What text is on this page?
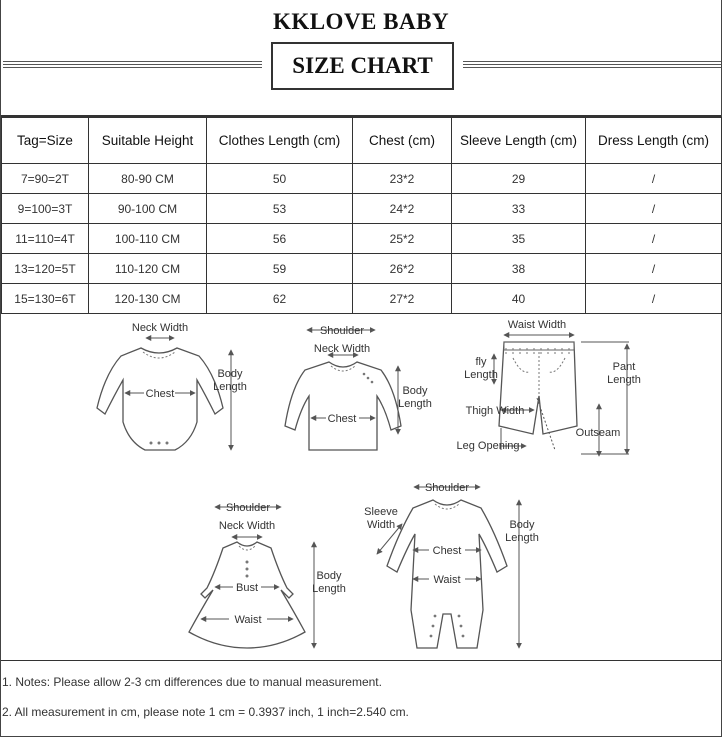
KKLOVE BABY
SIZE CHART
Tag=Size	Suitable Height	Clothes Length (cm)	Chest (cm)	Sleeve Length (cm)	Dress Length (cm)
7=90=2T	80-90 CM	50	23*2	29	/
9=100=3T	90-100 CM	53	24*2	33	/
11=110=4T	100-110 CM	56	25*2	35	/
13=120=5T	110-120 CM	59	26*2	38	/
15=130=6T	120-130 CM	62	27*2	40	/
Neck Width
Chest
Body
Length
Shoulder
Neck Width
Chest
Body
Length
Waist Width
fly
Length
Pant
Length
Thigh Width
Outseam
Leg Opening
Shoulder
Neck Width
Bust
Waist
Body
Length
Shoulder
Sleeve
Width
Chest
Waist
Body
Length
1. Notes: Please allow 2-3 cm differences due to manual measurement.
2. All measurement in cm, please note 1 cm = 0.3937 inch, 1 inch=2.540 cm.
